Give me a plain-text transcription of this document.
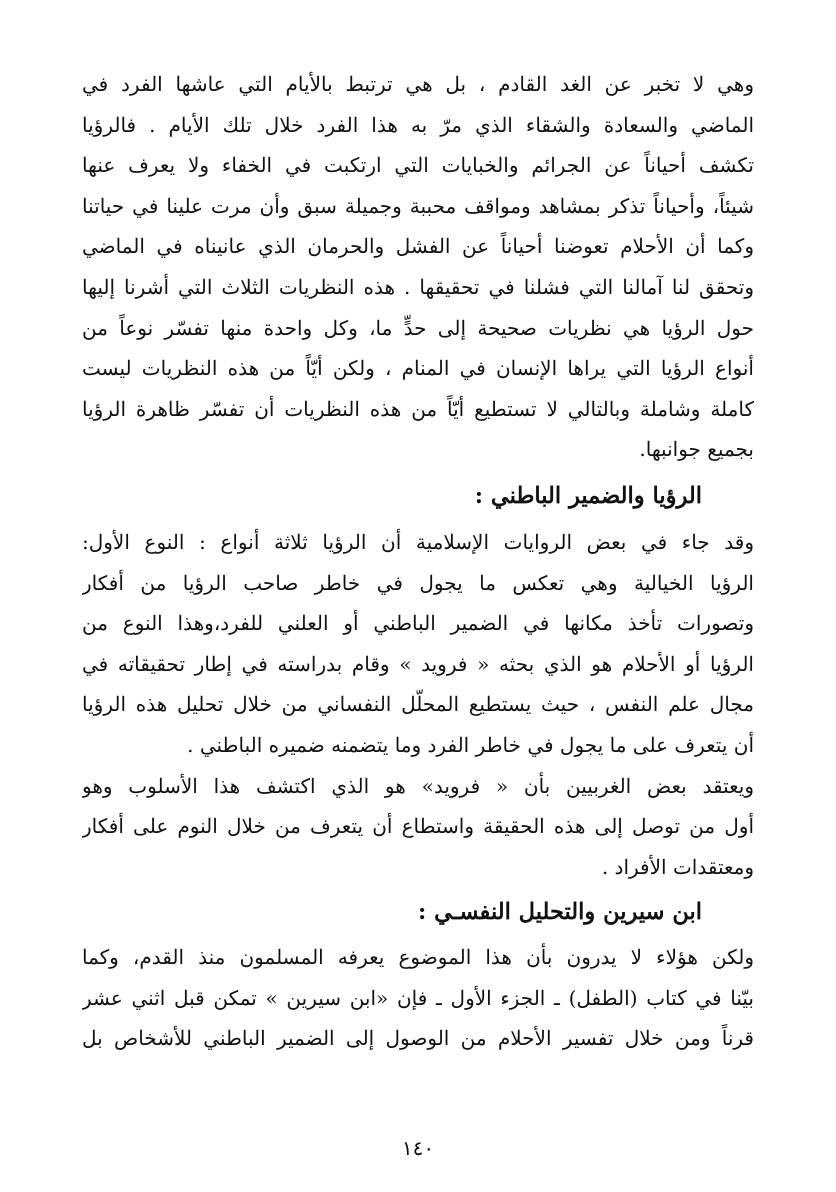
وهي لا تخبر عن الغد القادم ، بل هي ترتبط بالأيام التي عاشها الفرد في
الماضي والسعادة والشقاء الذي مرّ به هذا الفرد خلال تلك الأيام . فالرؤيا
تكشف أحياناً عن الجرائم والخبايات التي ارتكبت في الخفاء ولا يعرف عنها
شيئاً، وأحياناً تذكر بمشاهد ومواقف محببة وجميلة سبق وأن مرت علينا في حياتنا
وكما أن الأحلام تعوضنا أحياناً عن الفشل والحرمان الذي عانيناه في الماضي
وتحقق لنا آمالنا التي فشلنا في تحقيقها . هذه النظريات الثلاث التي أشرنا إليها
حول الرؤيا هي نظريات صحيحة إلى حدٍّ ما، وكل واحدة منها تفسّر نوعاً من
أنواع الرؤيا التي يراها الإنسان في المنام ، ولكن أيّاً من هذه النظريات ليست
كاملة وشاملة وبالتالي لا تستطيع أيّاً من هذه النظريات أن تفسّر ظاهرة الرؤيا
بجميع جوانبها.
الرؤيا والضمير الباطني :
وقد جاء في بعض الروايات الإسلامية أن الرؤيا ثلاثة أنواع : النوع الأول:
الرؤيا الخيالية وهي تعكس ما يجول في خاطر صاحب الرؤيا من أفكار
وتصورات تأخذ مكانها في الضمير الباطني أو العلني للفرد،وهذا النوع من
الرؤيا أو الأحلام هو الذي بحثه « فرويد » وقام بدراسته في إطار تحقيقاته في
مجال علم النفس ، حيث يستطيع المحلّل النفساني من خلال تحليل هذه الرؤيا
أن يتعرف على ما يجول في خاطر الفرد وما يتضمنه ضميره الباطني .
ويعتقد بعض الغربيين بأن « فرويد» هو الذي اكتشف هذا الأسلوب وهو
أول من توصل إلى هذه الحقيقة واستطاع أن يتعرف من خلال النوم على أفكار
ومعتقدات الأفراد .
ابن سيرين والتحليل النفسـي :
ولكن هؤلاء لا يدرون بأن هذا الموضوع يعرفه المسلمون منذ القدم، وكما
بيّنا في كتاب (الطفل) ـ الجزء الأول ـ فإن «ابن سيرين » تمكن قبل اثني عشر
قرناً ومن خلال تفسير الأحلام من الوصول إلى الضمير الباطني للأشخاص بل
١٤٠
